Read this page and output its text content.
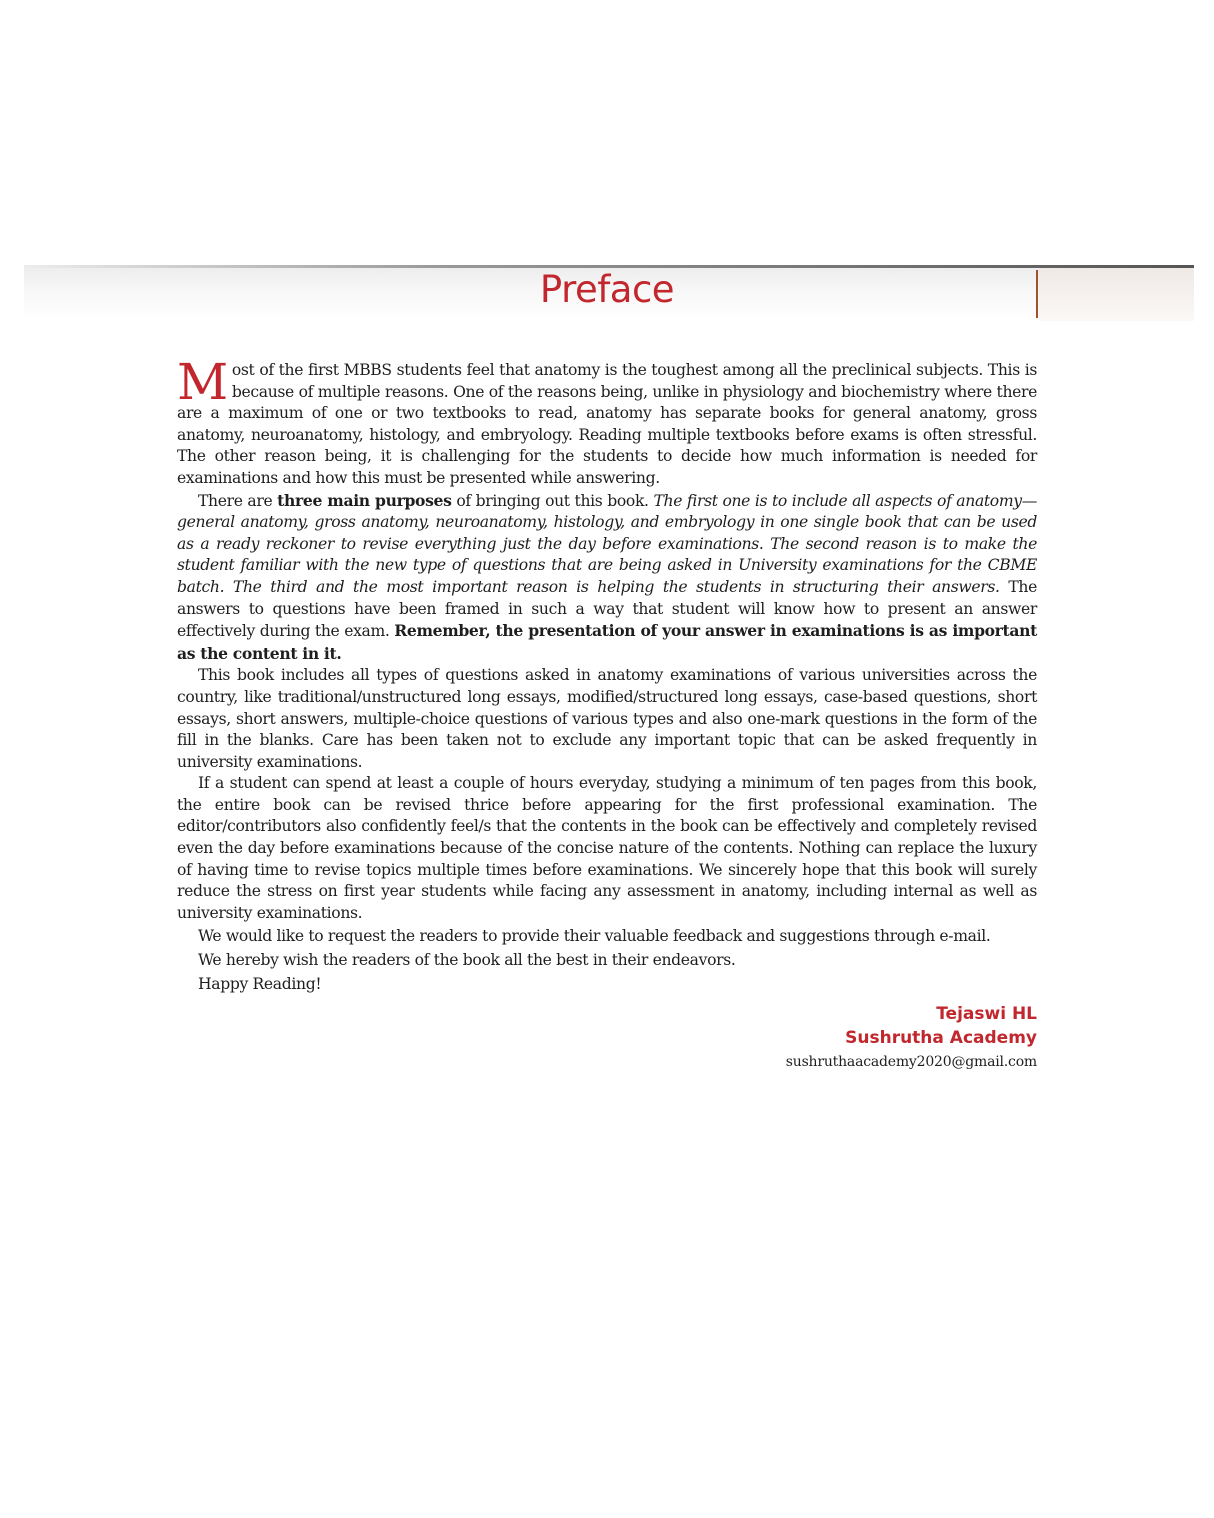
Preface

Most of the first MBBS students feel that anatomy is the toughest among all the preclinical subjects. This is because of multiple reasons. One of the reasons being, unlike in physiology and biochemistry where there are a maximum of one or two textbooks to read, anatomy has separate books for general anatomy, gross anatomy, neuroanatomy, histology, and embryology. Reading multiple textbooks before exams is often stressful. The other reason being, it is challenging for the students to decide how much information is needed for examinations and how this must be presented while answering.

There are three main purposes of bringing out this book. The first one is to include all aspects of anatomy—general anatomy, gross anatomy, neuroanatomy, histology, and embryology in one single book that can be used as a ready reckoner to revise everything just the day before examinations. The second reason is to make the student familiar with the new type of questions that are being asked in University examinations for the CBME batch. The third and the most important reason is helping the students in structuring their answers. The answers to questions have been framed in such a way that student will know how to present an answer effectively during the exam. Remember, the presentation of your answer in examinations is as important as the content in it.

This book includes all types of questions asked in anatomy examinations of various universities across the country, like traditional/unstructured long essays, modified/structured long essays, case-based questions, short essays, short answers, multiple-choice questions of various types and also one-mark questions in the form of the fill in the blanks. Care has been taken not to exclude any important topic that can be asked frequently in university examinations.

If a student can spend at least a couple of hours everyday, studying a minimum of ten pages from this book, the entire book can be revised thrice before appearing for the first professional examination. The editor/contributors also confidently feel/s that the contents in the book can be effectively and completely revised even the day before examinations because of the concise nature of the contents. Nothing can replace the luxury of having time to revise topics multiple times before examinations. We sincerely hope that this book will surely reduce the stress on first year students while facing any assessment in anatomy, including internal as well as university examinations.

We would like to request the readers to provide their valuable feedback and suggestions through e-mail.

We hereby wish the readers of the book all the best in their endeavors.

Happy Reading!

Tejaswi HL
Sushrutha Academy
sushruthaacademy2020@gmail.com
